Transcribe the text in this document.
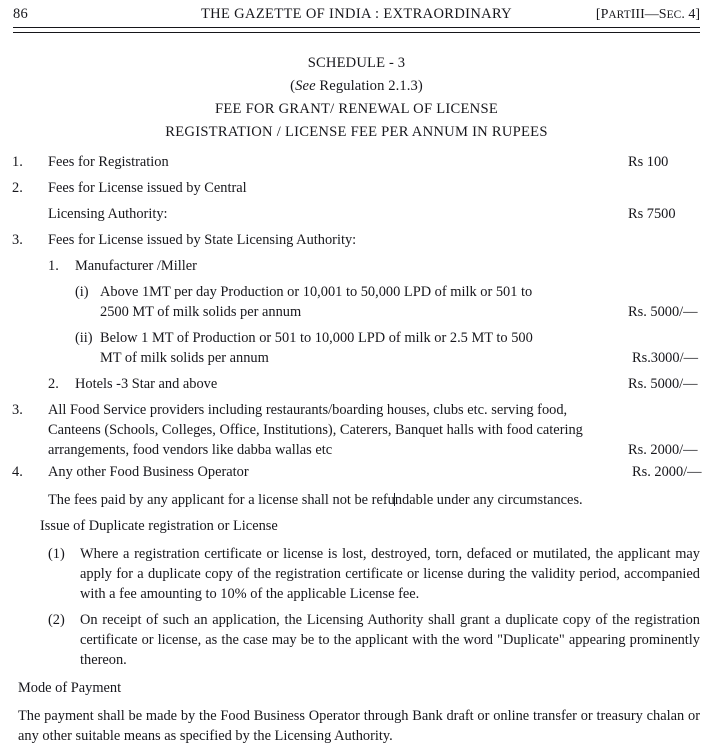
86	THE GAZETTE OF INDIA : EXTRAORDINARY	[PARTIII—SEC. 4]
SCHEDULE - 3
(See Regulation 2.1.3)
FEE FOR GRANT/ RENEWAL OF LICENSE
REGISTRATION / LICENSE FEE PER ANNUM IN RUPEES
1. Fees for Registration	Rs 100
2. Fees for License issued by Central
Licensing Authority:	Rs 7500
3. Fees for License issued by State Licensing Authority:
1. Manufacturer /Miller
(i) Above 1MT per day Production or 10,001 to 50,000 LPD of milk or 501 to 2500 MT of milk solids per annum	Rs. 5000/—
(ii) Below 1 MT of Production or 501 to 10,000 LPD of milk or 2.5 MT to 500 MT of milk solids per annum	Rs.3000/—
2. Hotels -3 Star and above	Rs. 5000/—
3. All Food Service providers including restaurants/boarding houses, clubs etc. serving food, Canteens (Schools, Colleges, Office, Institutions), Caterers, Banquet halls with food catering arrangements, food vendors like dabba wallas etc	Rs. 2000/—
4. Any other Food Business Operator	Rs. 2000/—
The fees paid by any applicant for a license shall not be refundable under any circumstances.
Issue of Duplicate registration or License
(1) Where a registration certificate or license is lost, destroyed, torn, defaced or mutilated, the applicant may apply for a duplicate copy of the registration certificate or license during the validity period, accompanied with a fee amounting to 10% of the applicable License fee.
(2) On receipt of such an application, the Licensing Authority shall grant a duplicate copy of the registration certificate or license, as the case may be to the applicant with the word "Duplicate" appearing prominently thereon.
Mode of Payment
The payment shall be made by the Food Business Operator through Bank draft or online transfer or treasury chalan or any other suitable means as specified by the Licensing Authority.
